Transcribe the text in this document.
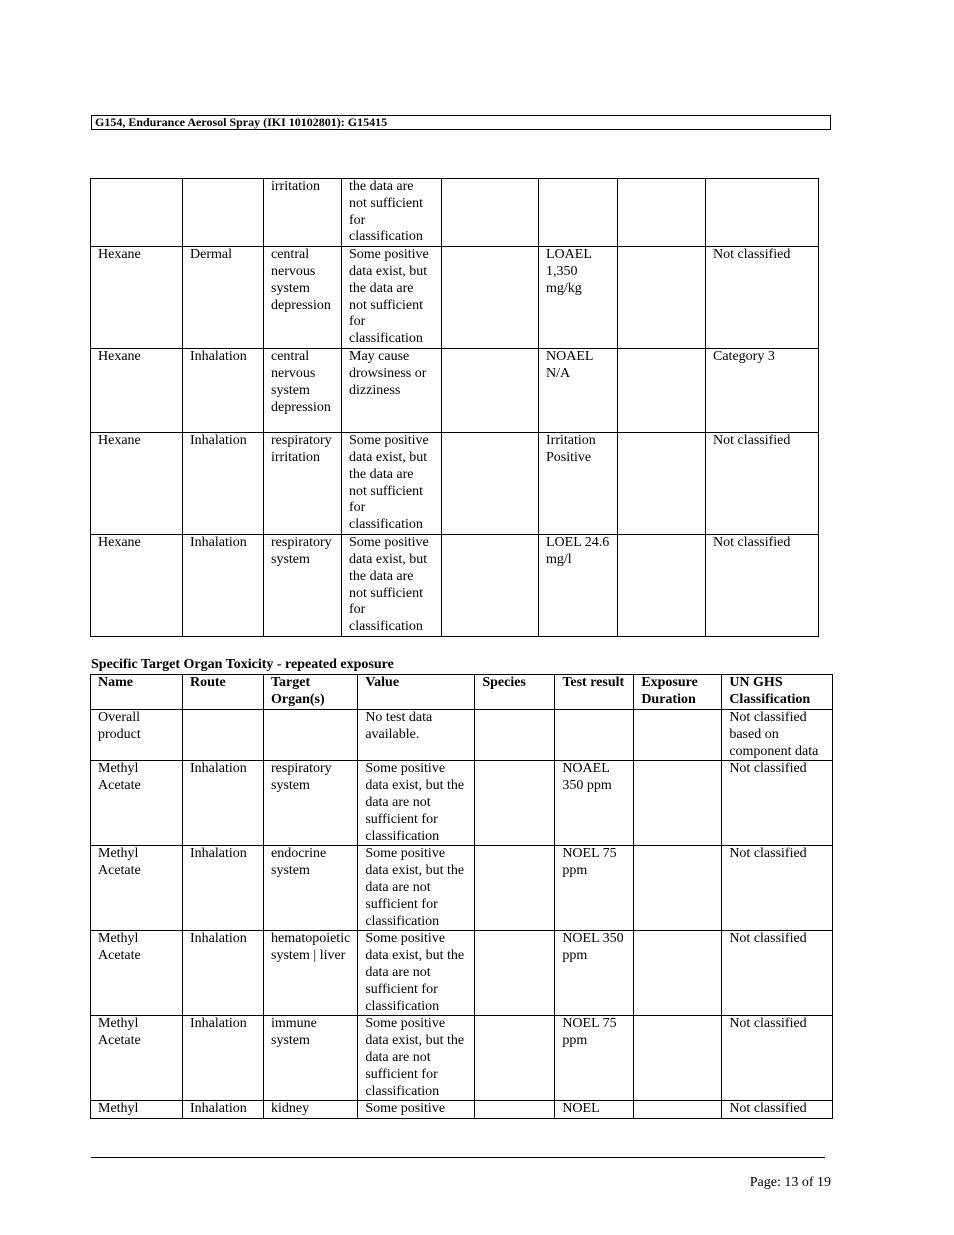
G154, Endurance Aerosol Spray (IKI 10102801): G15415
		irritation	the data are not sufficient for classification				
Hexane	Dermal	central nervous system depression	Some positive data exist, but the data are not sufficient for classification		LOAEL 1,350 mg/kg		Not classified
Hexane	Inhalation	central nervous system depression	May cause drowsiness or dizziness		NOAEL N/A		Category 3
Hexane	Inhalation	respiratory irritation	Some positive data exist, but the data are not sufficient for classification		Irritation Positive		Not classified
Hexane	Inhalation	respiratory system	Some positive data exist, but the data are not sufficient for classification		LOEL 24.6 mg/l		Not classified
Specific Target Organ Toxicity - repeated exposure
Name	Route	Target Organ(s)	Value	Species	Test result	Exposure Duration	UN GHS Classification
Overall product			No test data available.				Not classified based on component data
Methyl Acetate	Inhalation	respiratory system	Some positive data exist, but the data are not sufficient for classification		NOAEL 350 ppm		Not classified
Methyl Acetate	Inhalation	endocrine system	Some positive data exist, but the data are not sufficient for classification		NOEL 75 ppm		Not classified
Methyl Acetate	Inhalation	hematopoietic system | liver	Some positive data exist, but the data are not sufficient for classification		NOEL 350 ppm		Not classified
Methyl Acetate	Inhalation	immune system	Some positive data exist, but the data are not sufficient for classification		NOEL 75 ppm		Not classified
Methyl	Inhalation	kidney	Some positive		NOEL		Not classified
Page: 13 of 19
